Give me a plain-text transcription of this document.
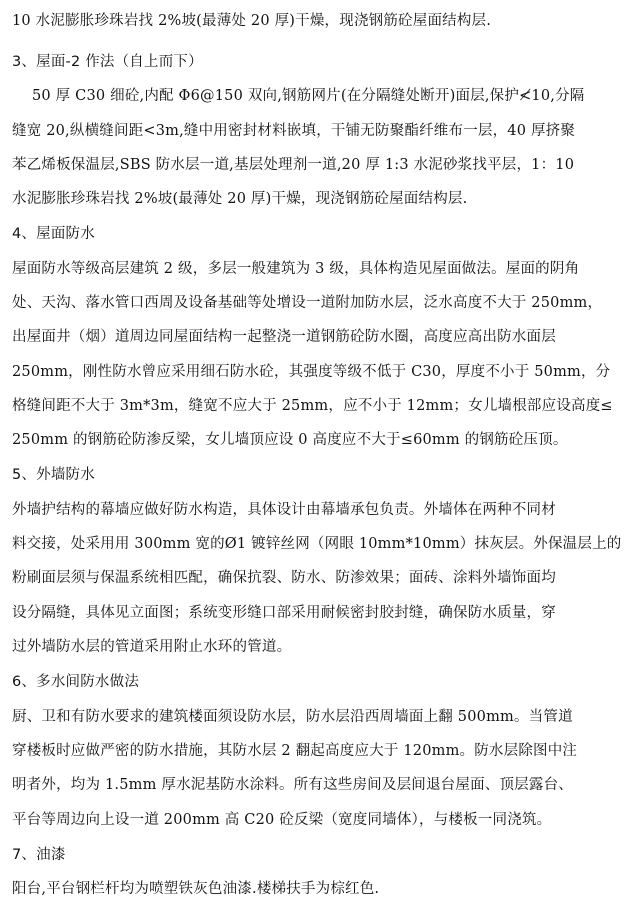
10 水泥膨胀珍珠岩找 2%坡(最薄处 20 厚)干燥，现浇钢筋砼屋面结构层.
3、屋面-2 作法（自上而下）
50 厚 C30 细砼,内配 Φ6@150 双向,钢筋网片(在分隔缝处断开)面层,保护≮10,分隔
缝宽 20,纵横缝间距<3m,缝中用密封材料嵌填，干铺无防聚酯纤维布一层，40 厚挤聚
苯乙烯板保温层,SBS 防水层一道,基层处理剂一道,20 厚 1:3 水泥砂浆找平层，1：10
水泥膨胀珍珠岩找 2%坡(最薄处 20 厚)干燥，现浇钢筋砼屋面结构层.
4、屋面防水
屋面防水等级高层建筑 2 级，多层一般建筑为 3 级，具体构造见屋面做法。屋面的阴角
处、天沟、落水管口西周及设备基础等处增设一道附加防水层，泛水高度不大于 250mm，
出屋面井（烟）道周边同屋面结构一起整浇一道钢筋砼防水圈，高度应高出防水面层
250mm，刚性防水曾应采用细石防水砼，其强度等级不低于 C30，厚度不小于 50mm，分
格缝间距不大于 3m*3m，缝宽不应大于 25mm，应不小于 12mm；女儿墙根部应设高度≤
250mm 的钢筋砼防渗反梁，女儿墙顶应设 0 高度应不大于≤60mm 的钢筋砼压顶。
5、外墙防水
外墙护结构的幕墙应做好防水构造，具体设计由幕墙承包负责。外墙体在两种不同材
料交接，处采用用 300mm 宽的Ø1 镀锌丝网（网眼 10mm*10mm）抹灰层。外保温层上的
粉刷面层须与保温系统相匹配，确保抗裂、防水、防渗效果；面砖、涂料外墙饰面均
设分隔缝，具体见立面图；系统变形缝口部采用耐候密封胶封缝，确保防水质量，穿
过外墙防水层的管道采用附止水环的管道。
6、多水间防水做法
厨、卫和有防水要求的建筑楼面须设防水层，防水层沿西周墙面上翻 500mm。当管道
穿楼板时应做严密的防水措施，其防水层 2 翻起高度应大于 120mm。防水层除图中注
明者外，均为 1.5mm 厚水泥基防水涂料。所有这些房间及层间退台屋面、顶层露台、
平台等周边向上设一道 200mm 高 C20 砼反梁（宽度同墙体），与楼板一同浇筑。
7、油漆
阳台,平台钢栏杆均为喷塑铁灰色油漆.楼梯扶手为棕红色.
